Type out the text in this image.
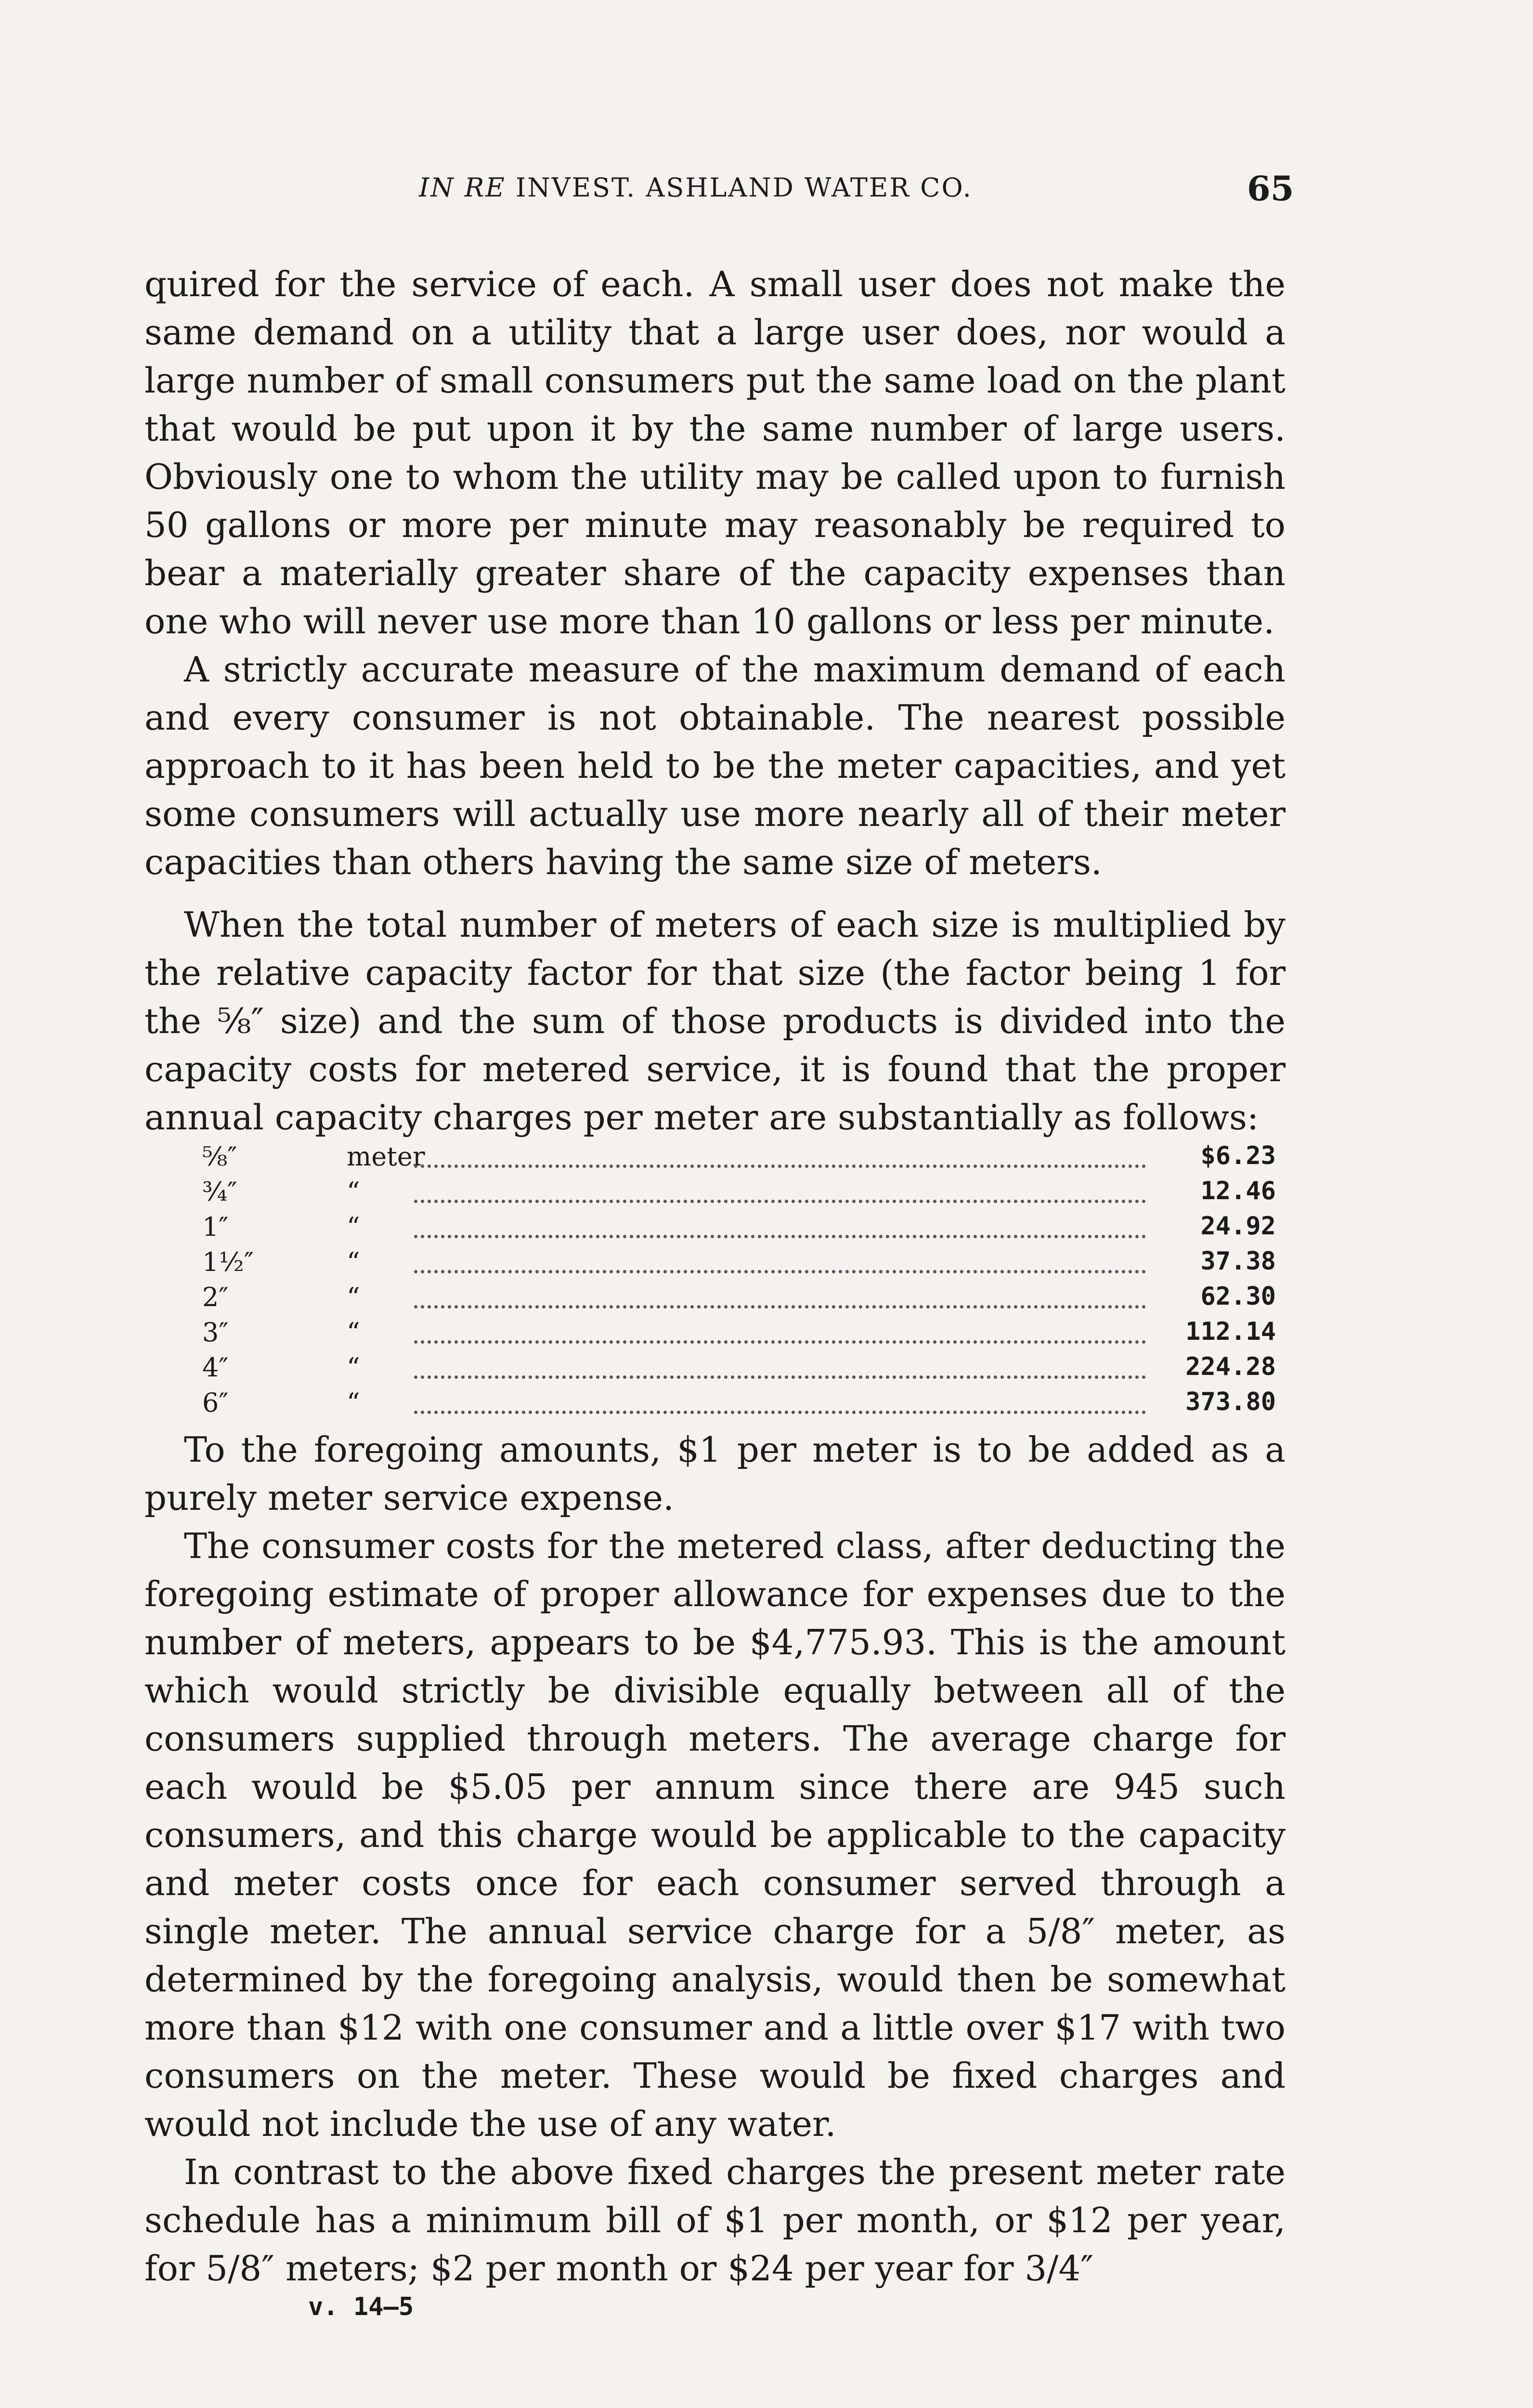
IN RE INVEST. ASHLAND WATER CO.	65

quired for the service of each. A small user does not make the same demand on a utility that a large user does, nor would a large number of small consumers put the same load on the plant that would be put upon it by the same number of large users. Obviously one to whom the utility may be called upon to furnish 50 gallons or more per minute may reasonably be required to bear a materially greater share of the capacity expenses than one who will never use more than 10 gallons or less per minute.

A strictly accurate measure of the maximum demand of each and every consumer is not obtainable. The nearest possible approach to it has been held to be the meter capacities, and yet some consumers will actually use more nearly all of their meter capacities than others having the same size of meters.

When the total number of meters of each size is multiplied by the relative capacity factor for that size (the factor being 1 for the ⅝″ size) and the sum of those products is divided into the capacity costs for metered service, it is found that the proper annual capacity charges per meter are substantially as follows:

⅝″	meter	$6.23
¾″	“	12.46
1″	“	24.92
1½″	“	37.38
2″	“	62.30
3″	“	112.14
4″	“	224.28
6″	“	373.80

To the foregoing amounts, $1 per meter is to be added as a purely meter service expense.

The consumer costs for the metered class, after deducting the foregoing estimate of proper allowance for expenses due to the number of meters, appears to be $4,775.93. This is the amount which would strictly be divisible equally between all of the consumers supplied through meters. The average charge for each would be $5.05 per annum since there are 945 such consumers, and this charge would be applicable to the capacity and meter costs once for each consumer served through a single meter. The annual service charge for a 5/8″ meter, as determined by the foregoing analysis, would then be somewhat more than $12 with one consumer and a little over $17 with two consumers on the meter. These would be fixed charges and would not include the use of any water.

In contrast to the above fixed charges the present meter rate schedule has a minimum bill of $1 per month, or $12 per year, for 5/8″ meters; $2 per month or $24 per year for 3/4″

v. 14—5
